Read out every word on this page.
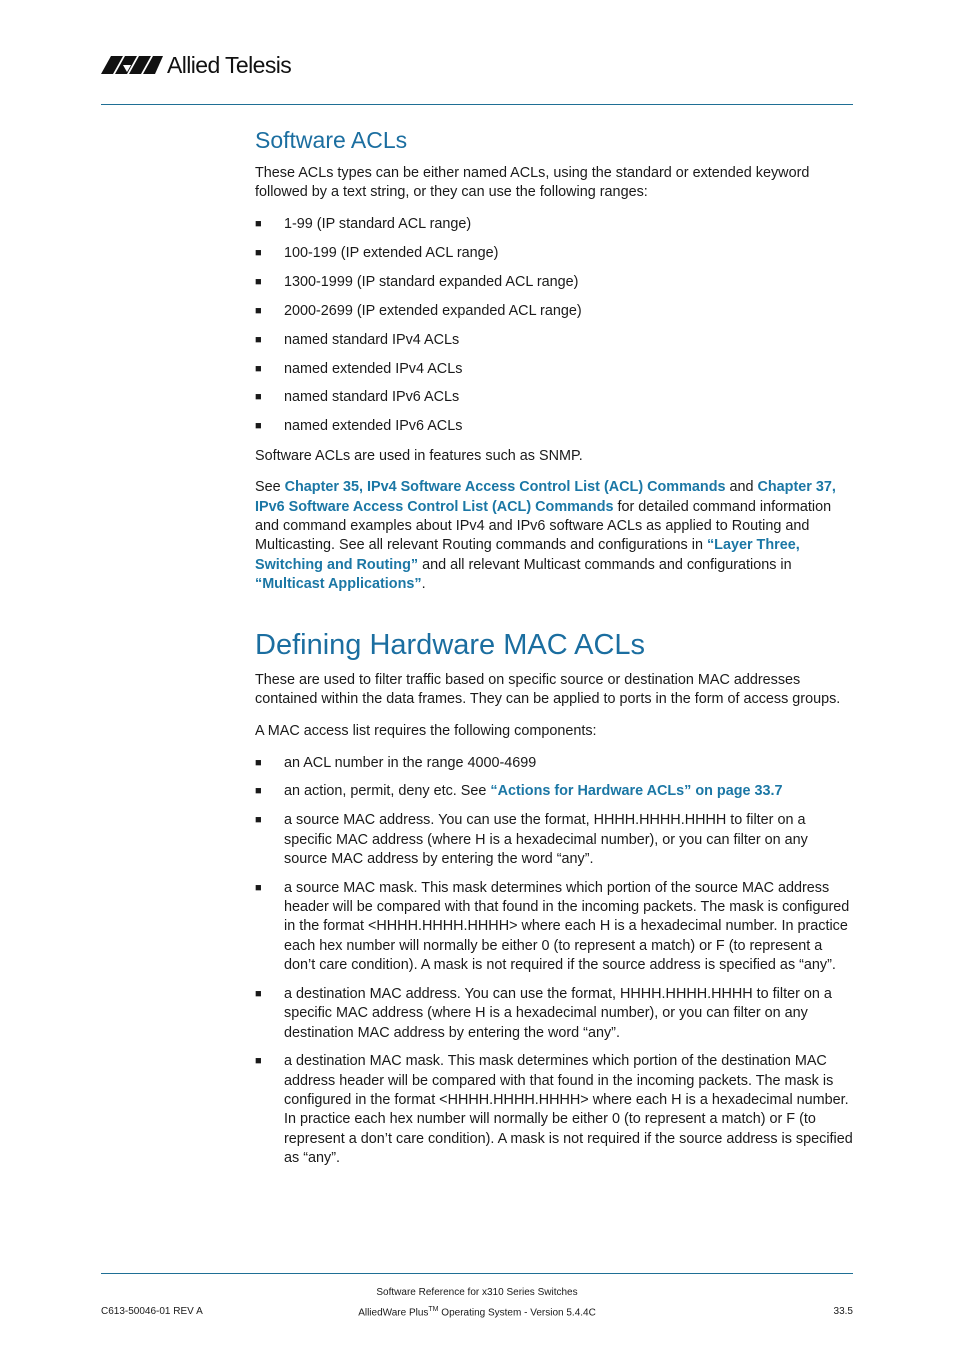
Allied Telesis
Software ACLs

These ACLs types can be either named ACLs, using the standard or extended keyword followed by a text string, or they can use the following ranges:

■ 1-99 (IP standard ACL range)
■ 100-199 (IP extended ACL range)
■ 1300-1999 (IP standard expanded ACL range)
■ 2000-2699 (IP extended expanded ACL range)
■ named standard IPv4 ACLs
■ named extended IPv4 ACLs
■ named standard IPv6 ACLs
■ named extended IPv6 ACLs

Software ACLs are used in features such as SNMP.

See Chapter 35, IPv4 Software Access Control List (ACL) Commands and Chapter 37, IPv6 Software Access Control List (ACL) Commands for detailed command information and command examples about IPv4 and IPv6 software ACLs as applied to Routing and Multicasting. See all relevant Routing commands and configurations in “Layer Three, Switching and Routing” and all relevant Multicast commands and configurations in “Multicast Applications”.

Defining Hardware MAC ACLs

These are used to filter traffic based on specific source or destination MAC addresses contained within the data frames. They can be applied to ports in the form of access groups.

A MAC access list requires the following components:

■ an ACL number in the range 4000-4699
■ an action, permit, deny etc. See “Actions for Hardware ACLs” on page 33.7
■ a source MAC address. You can use the format, HHHH.HHHH.HHHH to filter on a specific MAC address (where H is a hexadecimal number), or you can filter on any source MAC address by entering the word “any”.
■ a source MAC mask. This mask determines which portion of the source MAC address header will be compared with that found in the incoming packets. The mask is configured in the format <HHHH.HHHH.HHHH> where each H is a hexadecimal number. In practice each hex number will normally be either 0 (to represent a match) or F (to represent a don’t care condition). A mask is not required if the source address is specified as “any”.
■ a destination MAC address. You can use the format, HHHH.HHHH.HHHH to filter on a specific MAC address (where H is a hexadecimal number), or you can filter on any destination MAC address by entering the word “any”.
■ a destination MAC mask. This mask determines which portion of the destination MAC address header will be compared with that found in the incoming packets. The mask is configured in the format <HHHH.HHHH.HHHH> where each H is a hexadecimal number. In practice each hex number will normally be either 0 (to represent a match) or F (to represent a don’t care condition). A mask is not required if the source address is specified as “any”.
Software Reference for x310 Series Switches
C613-50046-01 REV A	AlliedWare Plus™ Operating System - Version 5.4.4C	33.5
